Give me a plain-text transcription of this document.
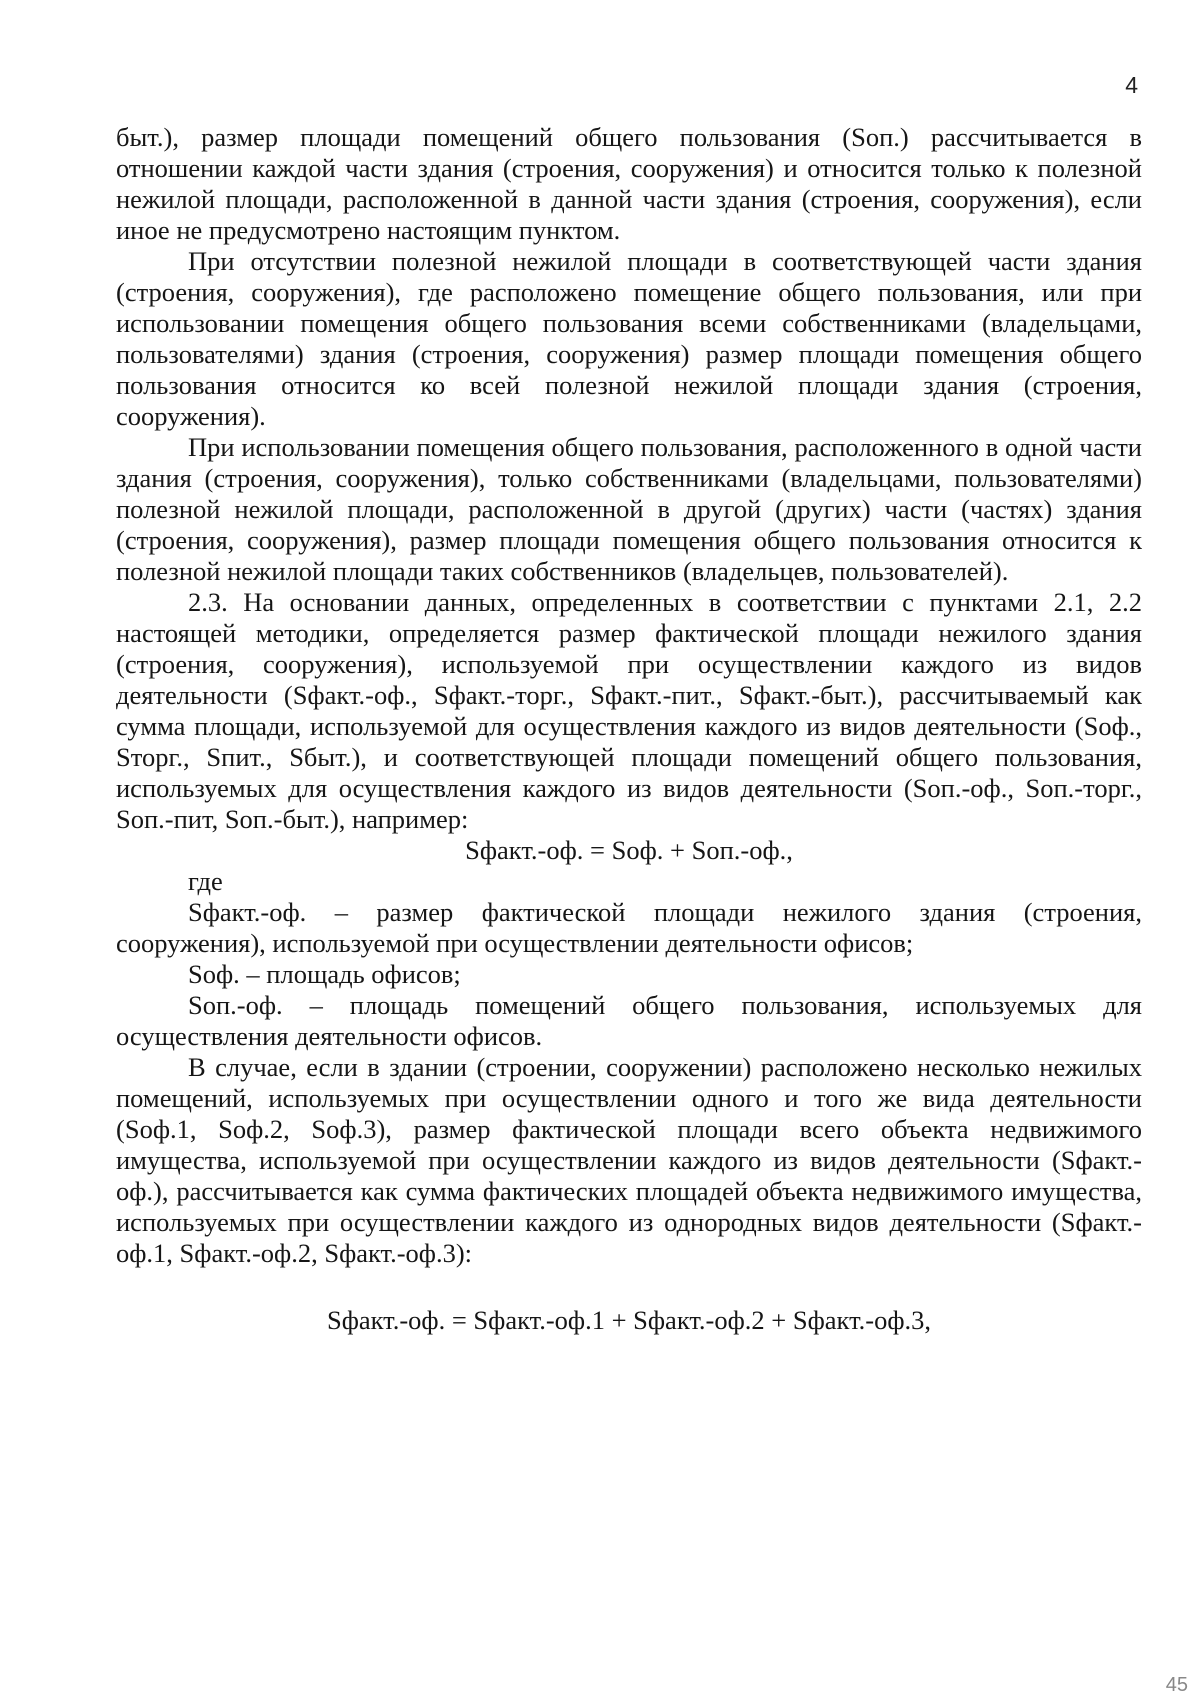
4

быт.), размер площади помещений общего пользования (Sоп.) рассчитывается в отношении каждой части здания (строения, сооружения) и относится только к полезной нежилой площади, расположенной в данной части здания (строения, сооружения), если иное не предусмотрено настоящим пунктом.

При отсутствии полезной нежилой площади в соответствующей части здания (строения, сооружения), где расположено помещение общего пользования, или при использовании помещения общего пользования всеми собственниками (владельцами, пользователями) здания (строения, сооружения) размер площади помещения общего пользования относится ко всей полезной нежилой площади здания (строения, сооружения).

При использовании помещения общего пользования, расположенного в одной части здания (строения, сооружения), только собственниками (владельцами, пользователями) полезной нежилой площади, расположенной в другой (других) части (частях) здания (строения, сооружения), размер площади помещения общего пользования относится к полезной нежилой площади таких собственников (владельцев, пользователей).

2.3. На основании данных, определенных в соответствии с пунктами 2.1, 2.2 настоящей методики, определяется размер фактической площади нежилого здания (строения, сооружения), используемой при осуществлении каждого из видов деятельности (Sфакт.-оф., Sфакт.-торг., Sфакт.-пит., Sфакт.-быт.), рассчитываемый как сумма площади, используемой для осуществления каждого из видов деятельности (Sоф., Sторг., Sпит., Sбыт.), и соответствующей площади помещений общего пользования, используемых для осуществления каждого из видов деятельности (Sоп.-оф., Sоп.-торг., Sоп.-пит, Sоп.-быт.), например:

Sфакт.-оф. = Sоф. + Sоп.-оф.,

где

Sфакт.-оф. – размер фактической площади нежилого здания (строения, сооружения), используемой при осуществлении деятельности офисов;

Sоф. – площадь офисов;

Sоп.-оф. – площадь помещений общего пользования, используемых для осуществления деятельности офисов.

В случае, если в здании (строении, сооружении) расположено несколько нежилых помещений, используемых при осуществлении одного и того же вида деятельности (Sоф.1, Sоф.2, Sоф.3), размер фактической площади всего объекта недвижимого имущества, используемой при осуществлении каждого из видов деятельности (Sфакт.-оф.), рассчитывается как сумма фактических площадей объекта недвижимого имущества, используемых при осуществлении каждого из однородных видов деятельности (Sфакт.-оф.1, Sфакт.-оф.2, Sфакт.-оф.3):

Sфакт.-оф. = Sфакт.-оф.1 + Sфакт.-оф.2 + Sфакт.-оф.3,

45
